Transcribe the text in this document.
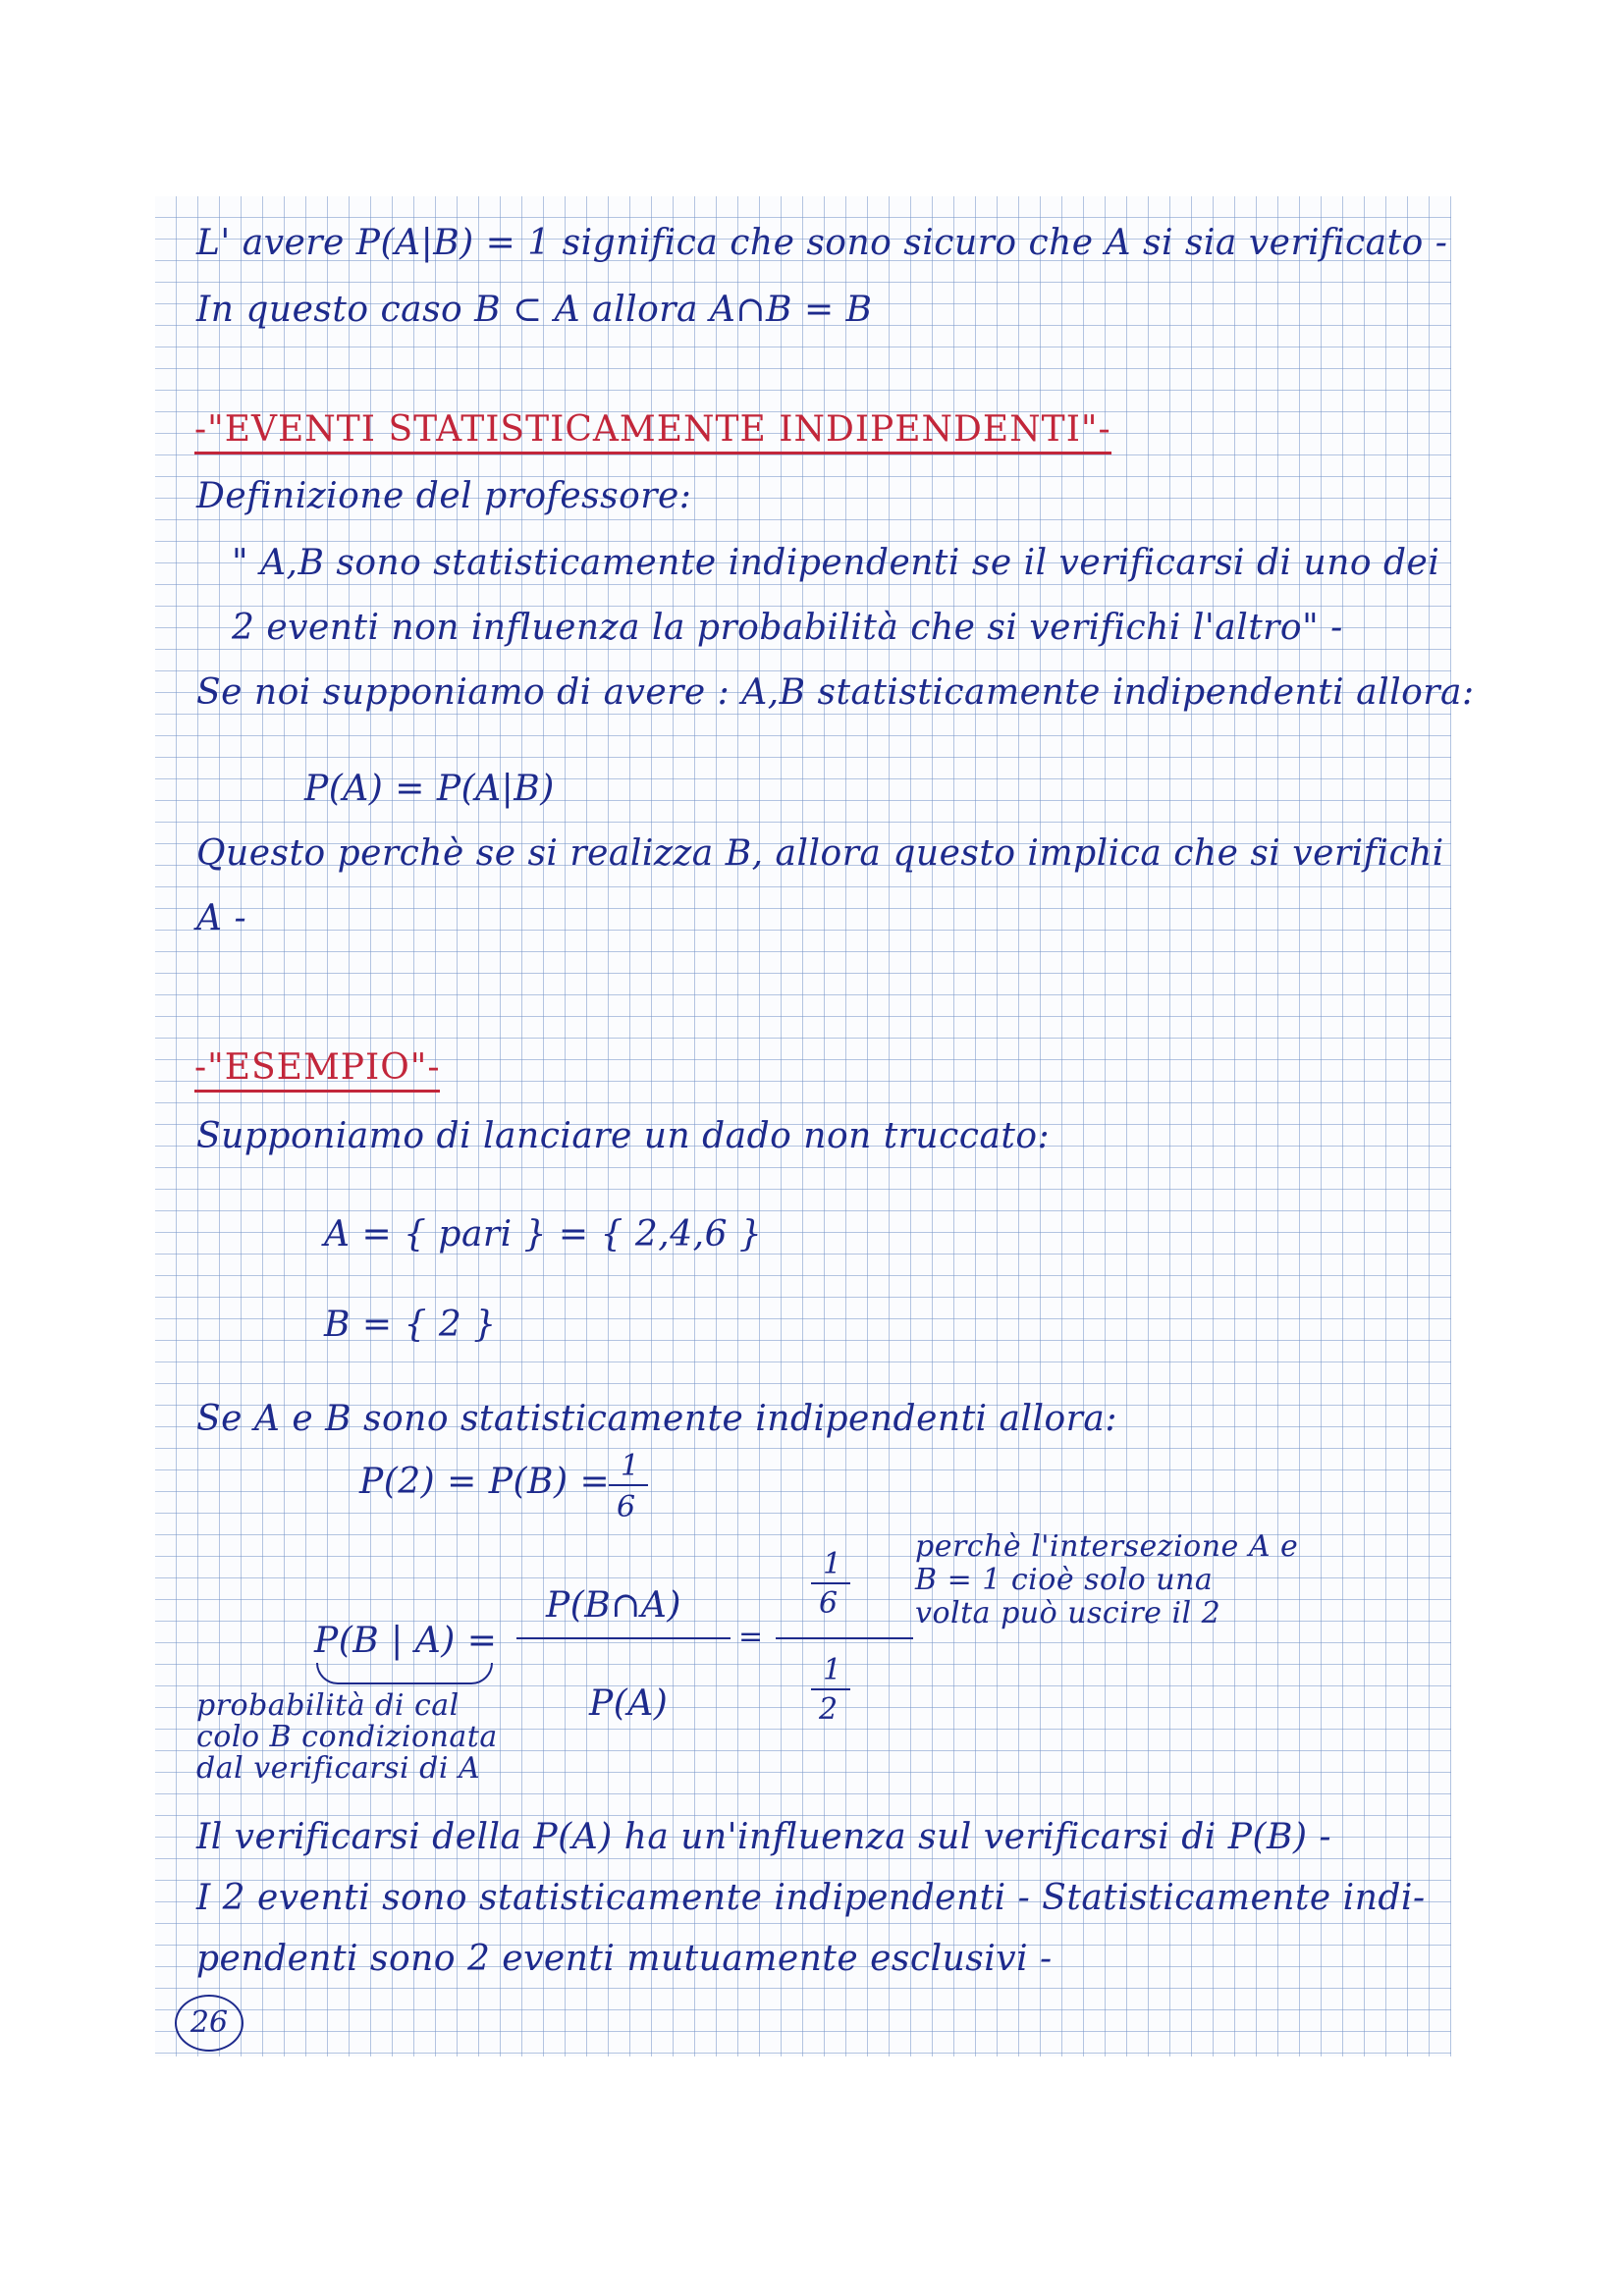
L' avere P(A|B) = 1 significa che sono sicuro che A si sia verificato -
In questo caso B ⊂ A allora A∩B = B
-"EVENTI STATISTICAMENTE INDIPENDENTI"-
Definizione del professore:
" A,B sono statisticamente indipendenti se il verificarsi di uno dei
2 eventi non influenza la probabilità che si verifichi l'altro" -
Se noi supponiamo di avere : A,B statisticamente indipendenti allora:
P(A) = P(A|B)
Questo perchè se si realizza B, allora questo implica che si verifichi
A -
-"ESEMPIO"-
Supponiamo di lanciare un dado non truccato:
A = { pari } = { 2,4,6 }
B = { 2 }
Se A e B sono statisticamente indipendenti allora:
P(2) = P(B) = 1
6
perchè l'intersezione A e
B = 1 cioè solo una
volta può uscire il 2
P(B | A) =
P(B∩A)
P(A)
=
1
6
1
2
probabilità di cal
colo B condizionata
dal verificarsi di A
Il verificarsi della P(A) ha un'influenza sul verificarsi di P(B) -
I 2 eventi sono statisticamente indipendenti - Statisticamente indi-
pendenti sono 2 eventi mutuamente esclusivi -
26
